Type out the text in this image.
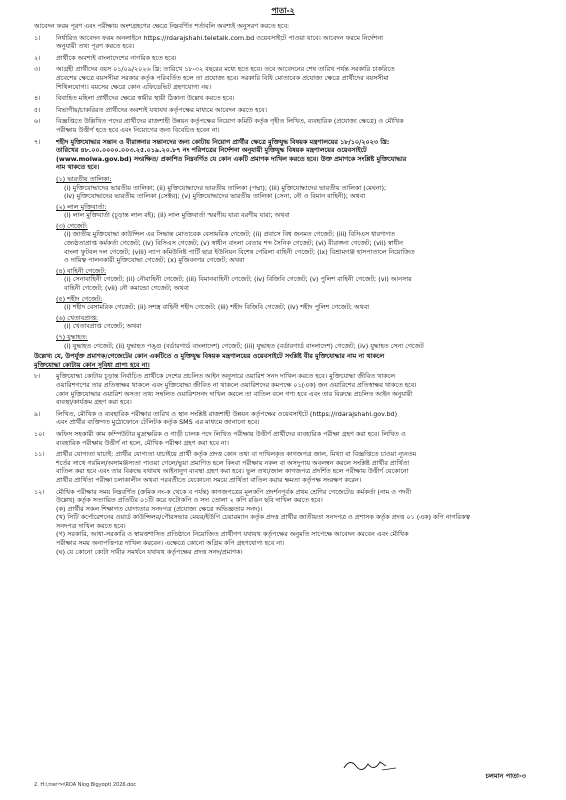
পাতা-২
আবেদন ফরম পূরণ এবং পরীক্ষায় অংশগ্রহণের ক্ষেত্রে নিম্নবর্ণিত শর্তাবলি অবশ্যই অনুসরণ করতে হবে:
১।	নির্ধারিত আবেদন ফরম অনলাইনে https://rdarajshahi.teletalk.com.bd ওয়েবসাইটে পাওয়া যাবে। আবেদন ফরমে নির্দেশনা
অনুযায়ী তথ্য পূরণ করতে হবে।
২।	প্রার্থীকে অবশ্যই বাংলাদেশের নাগরিক হতে হবে।
৩।	আগ্রহী প্রার্থীদের বয়স ০১/০৯/২০২৬ খ্রি: তারিখে ১৮-৩২ বছরের মধ্যে হতে হবে। তবে আবেদনের শেষ তারিখ পর্যন্ত সরকারি চাকরিতে
প্রবেশের ক্ষেত্রে বয়সসীমা সরকার কর্তৃক পরিবর্তিত হলে তা প্রযোজ্য হবে। সরকারি বিধি মোতাবেক প্রযোজ্য ক্ষেত্রে প্রার্থীদের বয়সসীমা
শিথিলযোগ্য। বয়সের ক্ষেত্রে কোন এফিডেভিট গ্রহণযোগ্য নয়।
৪।	বিবাহিত মহিলা প্রার্থীদের ক্ষেত্রে স্বামীর স্থায়ী ঠিকানা উল্লেখ করতে হবে।
৫।	বিভাগীয়/চাকরিরত প্রার্থীদের অবশ্যই যথাযথ কর্তৃপক্ষের মাধ্যমে আবেদন করতে হবে।
৬।	বিজ্ঞপ্তিতে উল্লিখিত পদের প্রার্থীদের রাজশাহী উন্নয়ন কর্তৃপক্ষের নিয়োগ কমিটি কর্তৃক গৃহীত লিখিত, ব্যবহারিক (প্রযোজ্য ক্ষেত্রে) ও মৌখিক
পরীক্ষায় উত্তীর্ণ হতে হবে এবং নিয়োগের জন্য বিবেচিত হবেন না।
৭।	শহীদ মুক্তিযোদ্ধার সন্তান ও বীরাঙ্গনার সন্তানদের জন্য কোটায় নিয়োগ প্রার্থীর ক্ষেত্রে মুক্তিযুদ্ধ বিষয়ক মন্ত্রণালয়ের ১৮/১০/২০২৩ খ্রি:
তারিখের ৪৮.০০.০০০০.০০৩.২৫.০১৯.২০.৮৭ নং পরিপত্রের নির্দেশনা অনুযায়ী মুক্তিযুদ্ধ বিষয়ক মন্ত্রণালয়ের ওয়েবসাইটে
(www.molwa.gov.bd) সংরক্ষিত/ প্রকাশিত নিম্নবর্ণিত যে কোন একটি প্রমাণক দাখিল করতে হবে। উক্ত প্রমাণকে সংশ্লিষ্ট মুক্তিযোদ্ধার
নাম থাকতে হবে।
(১) ভারতীয় তালিকা:
(i) মুক্তিযোদ্ধাদের ভারতীয় তালিকা; (ii) মুক্তিযোদ্ধাদের ভারতীয় তালিকা (পদ্মা); (iii) মুক্তিযোদ্ধাদের ভারতীয় তালিকা (মেঘনা);
(iv) মুক্তিযোদ্ধাদের ভারতীয় তালিকা (সেক্টর); (v) মুক্তিযোদ্ধাদের ভারতীয় তালিকা (সেনা, নৌ ও বিমান বাহিনী); অথবা
(২) লাল মুক্তিবার্তা:
(i) লাল মুক্তিবার্তা (চূড়ান্ত লাল বই); (ii) লাল মুক্তিবার্তা স্মরণীয় যারা বরণীয় যারা; অথবা
(৩) গেজেট:
(i) জাতীয় মুক্তিযোদ্ধা কাউন্সিল এর সিদ্ধান্ত মোতাবেক বেসামরিক গেজেট; (ii) প্রবাসে বিশ্ব জনমত গেজেট; (iii) বিসিএস ধারণাগত
জ্যেষ্ঠতাপ্রাপ্ত কর্মকর্তা গেজেট; (iv) বিসিএস গেজেট; (v) স্বাধীন বাংলা বেতার শব্দ সৈনিক গেজেট; (vi) বীরাঙ্গনা গেজেট; (vii) স্বাধীন
বাংলা ফুটবল দল গেজেট; (viii) ন্যাপ কমিউনিষ্ট পার্টি ছাত্র ইউনিয়ন বিশেষ গেরিলা বাহিনী গেজেট; (ix) বিশ্রামগঞ্জ হাসপাতালে নিয়োজিত
ও দায়িত্ব পালনকারী মুক্তিযোদ্ধা গেজেট; (x) মুজিবনগর গেজেট; অথবা
(৪) বাহিনী গেজেট:
(i) সেনাবাহিনী গেজেট; (ii) নৌবাহিনী গেজেট; (iii) বিমানবাহিনী গেজেট; (iv) বিজিবি গেজেট; (v) পুলিশ বাহিনী গেজেট; (vi) আনসার
বাহিনী গেজেট; (vii) নৌ কমান্ডো গেজেট; অথবা
(৫) শহীদ গেজেট:
(i) শহীদ বেসামরিক গেজেট; (ii) সশস্ত্র বাহিনী শহীদ গেজেট; (iii) শহীদ বিজিবি গেজেট; (iv) শহীদ পুলিশ গেজেট; অথবা
(৬) খেতাবপ্রাপ্ত:
(i) খেতাবপ্রাপ্ত গেজেট; অথবা
(৭) যুদ্ধাহত:
(i) যুদ্ধাহত গেজেট; (ii) যুদ্ধাহত পঙ্গু (বর্ডারগার্ড বাংলাদেশ) গেজেট; (iii) যুদ্ধাহত (বর্ডারগার্ড বাংলাদেশ) গেজেট; (iv) যুদ্ধাহত সেনা গেজেট
উল্লেখ্য যে, উপর্যুক্ত প্রমাণক/গেজেটের কোন একটিতে ও মুক্তিযুদ্ধ বিষয়ক মন্ত্রণালয়ের ওয়েবসাইটে সংশ্লিষ্ট বীর মুক্তিযোদ্ধার নাম না থাকলে
মুক্তিযোদ্ধা কোটায় কোন সুবিধা প্রাপ্য হবে না।
৮।	মুক্তিযোদ্ধা কোটায় চূড়ান্ত নির্বাচিত প্রার্থীকে দেশের প্রচলিত আইন অনুসারে ওয়ারিশ সনদ দাখিল করতে হবে। মুক্তিযোদ্ধা জীবিত থাকলে
ওয়ারিশগণের তার প্রতিস্বাক্ষর থাকলে এবং মুক্তিযোদ্ধা জীবিত না থাকলে ওয়ারিশদের কমপক্ষে ০১(এক) জন ওয়ারিশের প্রতিস্বাক্ষর থাকতে হবে।
কোন মুক্তিযোদ্ধার ওয়ারিশ অসত্য তথ্য সম্বলিত ওয়ারিশসনদ দাখিল করলে তা বাতিল বলে গণ্য হবে এবং তার বিরুদ্ধে প্রচলিত আইন অনুযায়ী
ব্যবস্থা/কার্যক্রম গ্রহণ করা হবে।
৯।	লিখিত, মৌখিক ও ব্যবহারিক পরীক্ষার তারিখ ও স্থান সংশ্লিষ্ট রাজশাহী উন্নয়ন কর্তৃপক্ষের ওয়েবসাইটে (https://rdarajshahi.gov.bd)
এবং প্রার্থীর ব্যক্তিগত মুঠোফোনে টেলিটক কর্তৃক SMS এর মাধ্যমে জানানো হবে।
১০।	অফিস সহকারী কাম কম্পিউটার মুদ্রাক্ষরিক ও গাড়ী চালক পদে লিখিত পরীক্ষায় উত্তীর্ণ প্রার্থীদের ব্যবহারিক পরীক্ষা গ্রহণ করা হবে। লিখিত ও
ব্যবহারিক পরীক্ষায় উত্তীর্ণ না হলে, মৌখিক পরীক্ষা গ্রহণ করা হবে না।
১১।	প্রার্থীর যোগ্যতা যাচাই: প্রার্থীর যোগ্যতা যাচাইয়ে প্রার্থী কর্তৃক প্রদত্ত কোন তথ্য বা দাখিলকৃত কাগজপত্র জাল, মিথ্যা বা বিজ্ঞপ্তিতে চাওয়া ন্যূনতম
শর্তের সাথে গরমিল/অসামঞ্জস্যতা পাওয়া গেলে/ভুয়া প্রমাণিত হলে কিংবা পরীক্ষায় নকল বা অসদুপায় অবলম্বন করলে সংশ্লিষ্ট প্রার্থীর প্রার্থিতা
বাতিল করা হবে এবং তার বিরুদ্ধে যথাযথ আইনানুগ ব্যবস্থা গ্রহণ করা হবে। ভুল তথ্য/জাল কাগজপত্র প্রদর্শিত হলে পরীক্ষায় উত্তীর্ণ যেকোনো
প্রার্থীর প্রার্থিতা পরীক্ষা চলাকালীন অথবা পরবর্তীতে যেকোনো সময়ে প্রার্থিতা বাতিল করার ক্ষমতা কর্তৃপক্ষ সংরক্ষণ করেন।
১২।	মৌখিক পরীক্ষার সময় নিম্নবর্ণিত (ক্রমিক নং-ক থেকে ব পর্যন্ত) কাগজপত্রের মূলকপি প্রদর্শনপূর্বক প্রথম শ্রেণির গেজেটেড কর্মকর্তা (নাম ও পদবী
উল্লেখ) কর্তৃক সত্যায়িত প্রতিটির ০১টি করে ফটোকপি ও সদ্য তোলা ২ কপি রঙিন ছবি দাখিল করতে হবে।
(ক) প্রার্থীর সকল শিক্ষাগত যোগ্যতার সনদপত্র (প্রযোজ্য ক্ষেত্রে অভিজ্ঞতার সনদ)।
(খ) সিটি কর্পোরেশনের ওয়ার্ড কাউন্সিলর/পৌরসভার মেয়র/ইউপি চেয়ারম্যান কর্তৃক প্রদত্ত প্রার্থীর জাতীয়তা সনদপত্র ও প্রশাসক কর্তৃক প্রদত্ত ০১ (এক) কপি নাগরিকত্ব
সনদপত্র দাখিল করতে হবে।
(গ) সরকারি, আধা-সরকারি ও স্বায়ত্তশাসিত প্রতিষ্ঠানে নিয়োজিত প্রার্থীগণ যথাযথ কর্তৃপক্ষের অনুমতি সাপেক্ষে আবেদন করবেন এবং মৌখিক
পরীক্ষার সময় অনাপত্তিপত্র দাখিল করবেন। এক্ষেত্রে কোনো অগ্রিম কপি গ্রহণযোগ্য হবে না।
(ঘ) যে কোনো কোটা দাবীর সমর্থনে যথাযথ কর্তৃপক্ষের প্রদত্ত সনদ/প্রমাণক।
চলমান পাতা-৩
2. H:\প্রজ্ঞাপন\RDA Niog Bigyopti 2026.doc
